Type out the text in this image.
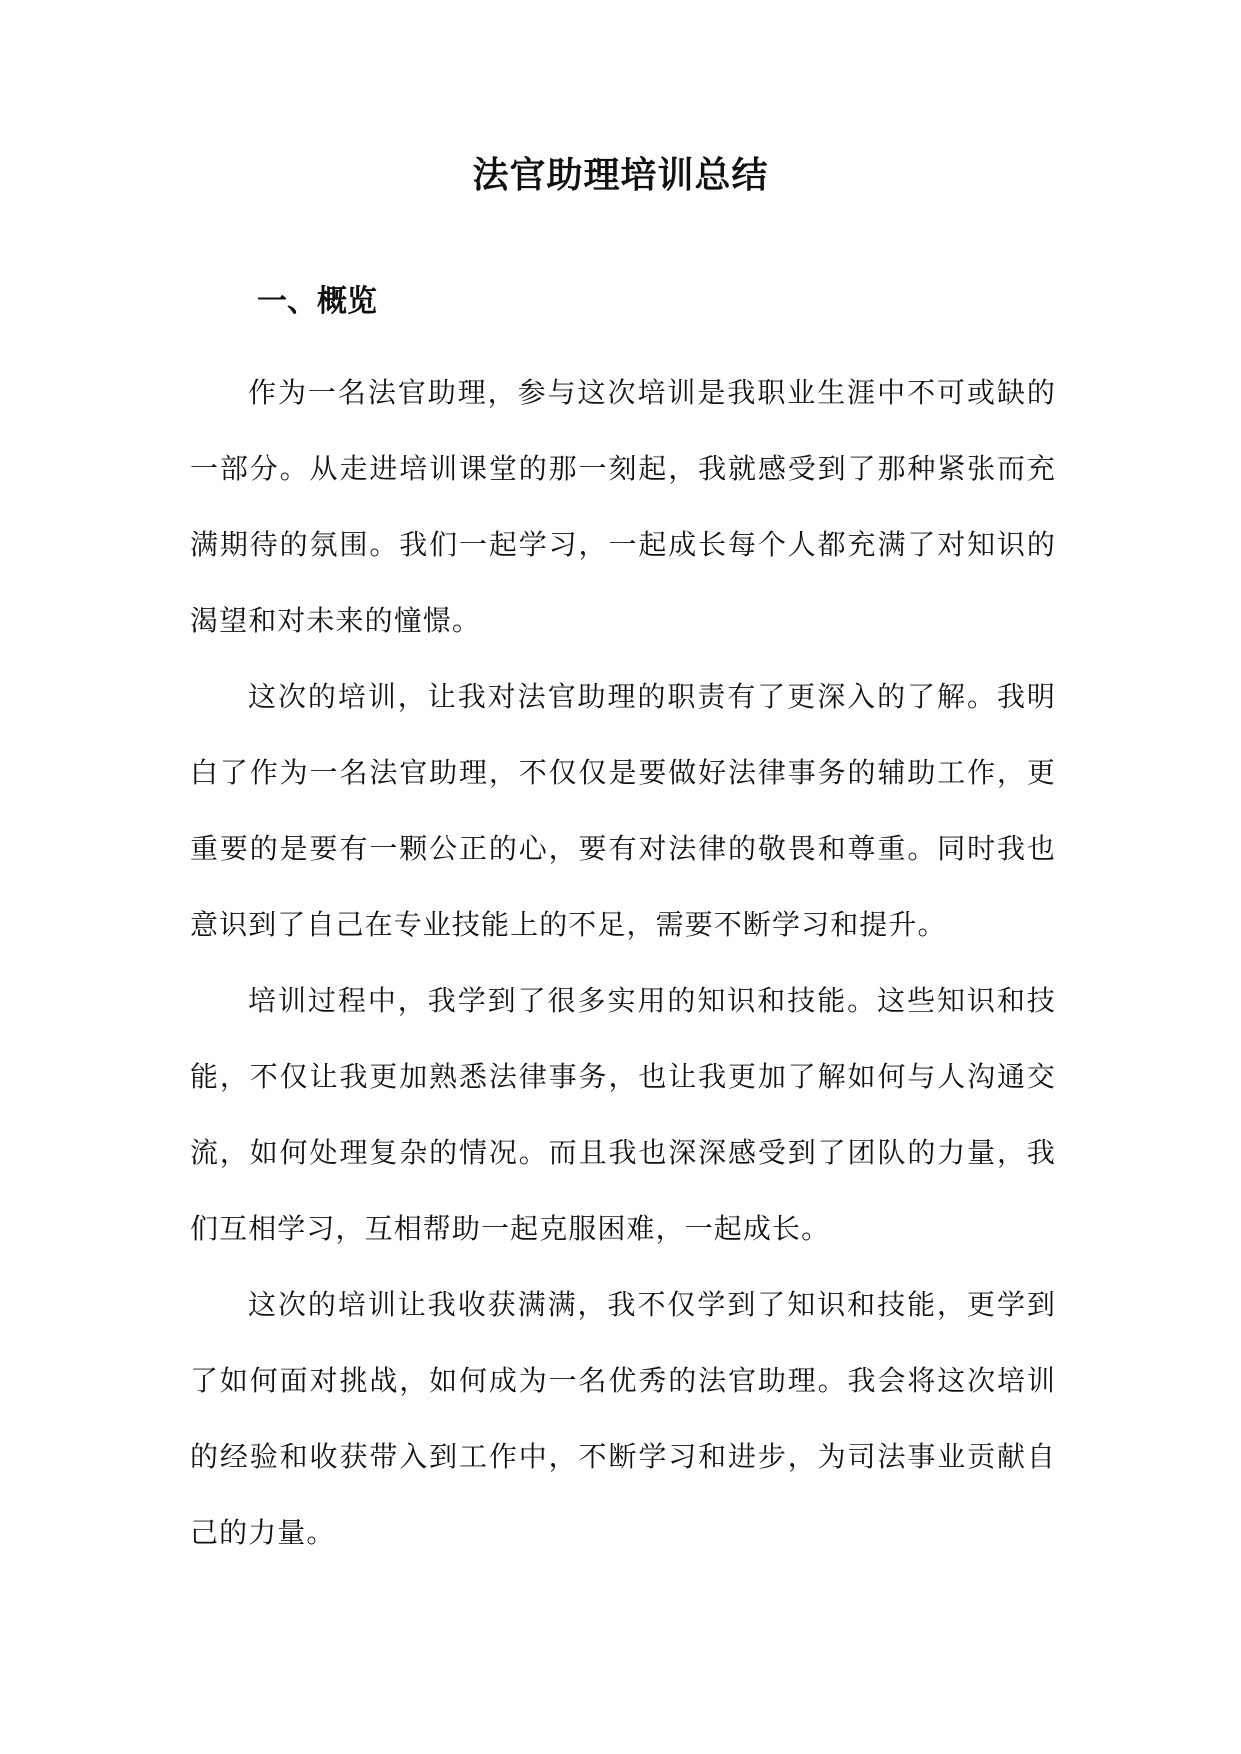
法官助理培训总结
一、概览

作为一名法官助理，参与这次培训是我职业生涯中不可或缺的一部分。从走进培训课堂的那一刻起，我就感受到了那种紧张而充满期待的氛围。我们一起学习，一起成长每个人都充满了对知识的渴望和对未来的憧憬。

这次的培训，让我对法官助理的职责有了更深入的了解。我明白了作为一名法官助理，不仅仅是要做好法律事务的辅助工作，更重要的是要有一颗公正的心，要有对法律的敬畏和尊重。同时我也意识到了自己在专业技能上的不足，需要不断学习和提升。

培训过程中，我学到了很多实用的知识和技能。这些知识和技能，不仅让我更加熟悉法律事务，也让我更加了解如何与人沟通交流，如何处理复杂的情况。而且我也深深感受到了团队的力量，我们互相学习，互相帮助一起克服困难，一起成长。

这次的培训让我收获满满，我不仅学到了知识和技能，更学到了如何面对挑战，如何成为一名优秀的法官助理。我会将这次培训的经验和收获带入到工作中，不断学习和进步，为司法事业贡献自己的力量。
